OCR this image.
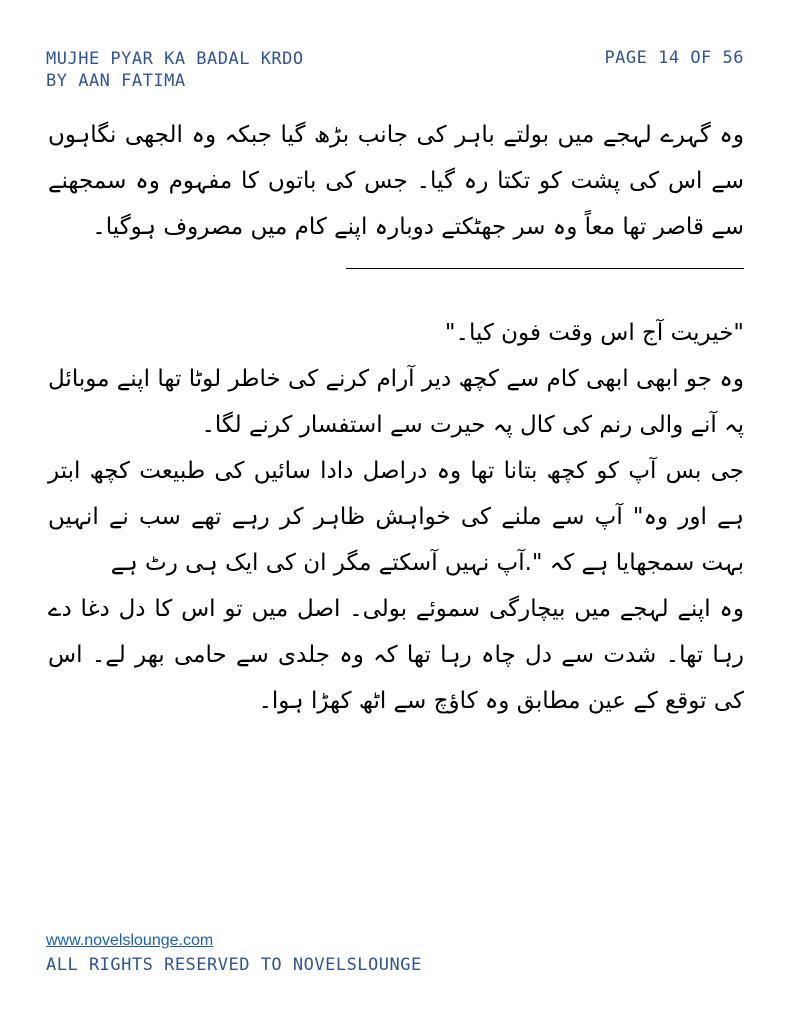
MUJHE PYAR KA BADAL KRDO
BY AAN FATIMA
PAGE 14 OF 56

وہ گہرے لہجے میں بولتے باہر کی جانب بڑھ گیا جبکہ وہ الجھی نگاہوں سے اس کی پشت کو تکتا رہ گیا۔ جس کی باتوں کا مفہوم وہ سمجھنے سے قاصر تھا معاً وہ سر جھٹکتے دوبارہ اپنے کام میں مصروف ہوگیا۔

"خیریت آج اس وقت فون کیا۔"

وہ جو ابھی ابھی کام سے کچھ دیر آرام کرنے کی خاطر لوٹا تھا اپنے موبائل پہ آنے والی رنم کی کال پہ حیرت سے استفسار کرنے لگا۔

جی بس آپ کو کچھ بتانا تھا وہ دراصل دادا سائیں کی طبیعت کچھ ابتر ہے اور وہ" آپ سے ملنے کی خواہش ظاہر کر رہے تھے سب نے انہیں بہت سمجھایا ہے کہ ".آپ نہیں آسکتے مگر ان کی ایک ہی رٹ ہے

وہ اپنے لہجے میں بیچارگی سموئے بولی۔ اصل میں تو اس کا دل دغا دے رہا تھا۔ شدت سے دل چاہ رہا تھا کہ وہ جلدی سے حامی بھر لے۔ اس کی توقع کے عین مطابق وہ کاؤچ سے اٹھ کھڑا ہوا۔

www.novelslounge.com
ALL RIGHTS RESERVED TO NOVELSLOUNGE
